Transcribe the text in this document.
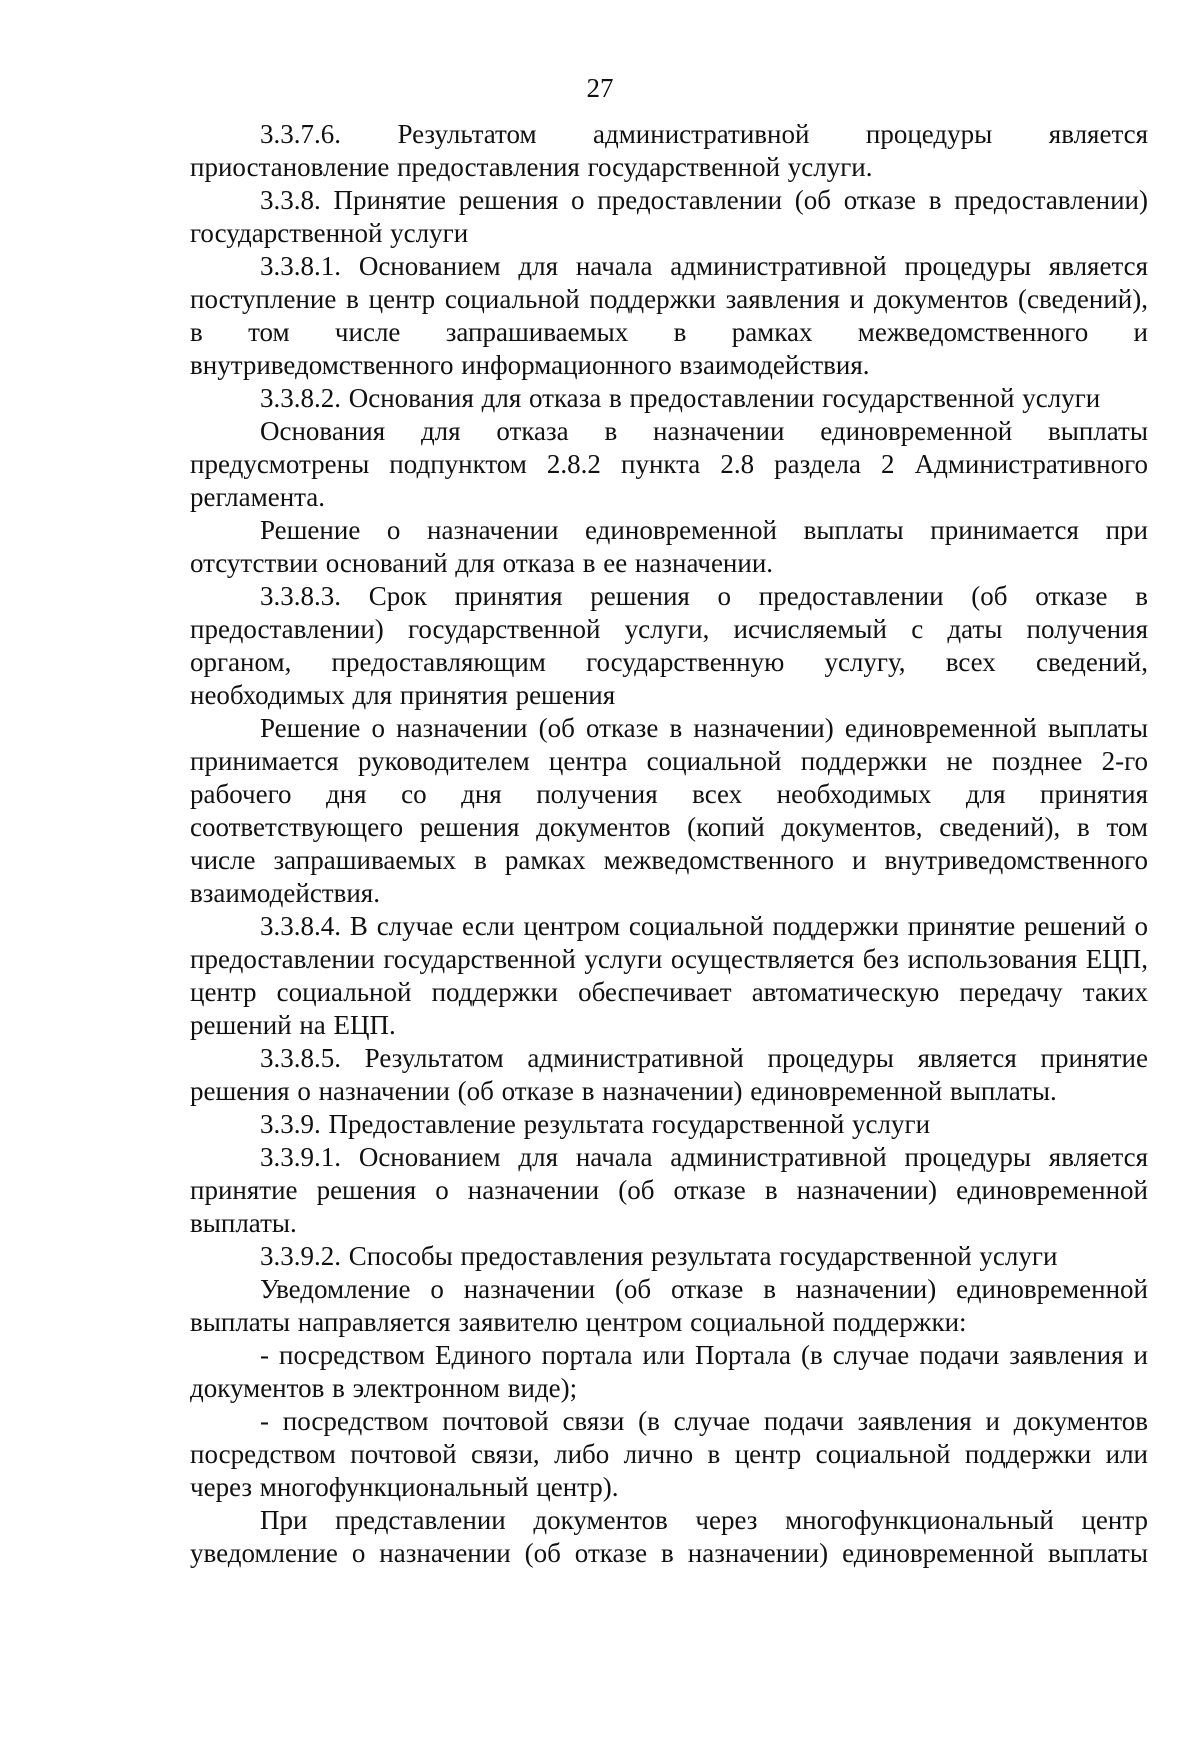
27

3.3.7.6. Результатом административной процедуры является приостановление предоставления государственной услуги.

3.3.8. Принятие решения о предоставлении (об отказе в предоставлении) государственной услуги

3.3.8.1. Основанием для начала административной процедуры является поступление в центр социальной поддержки заявления и документов (сведений), в том числе запрашиваемых в рамках межведомственного и внутриведомственного информационного взаимодействия.

3.3.8.2. Основания для отказа в предоставлении государственной услуги

Основания для отказа в назначении единовременной выплаты предусмотрены подпунктом 2.8.2 пункта 2.8 раздела 2 Административного регламента.

Решение о назначении единовременной выплаты принимается при отсутствии оснований для отказа в ее назначении.

3.3.8.3. Срок принятия решения о предоставлении (об отказе в предоставлении) государственной услуги, исчисляемый с даты получения органом, предоставляющим государственную услугу, всех сведений, необходимых для принятия решения

Решение о назначении (об отказе в назначении) единовременной выплаты принимается руководителем центра социальной поддержки не позднее 2-го рабочего дня со дня получения всех необходимых для принятия соответствующего решения документов (копий документов, сведений), в том числе запрашиваемых в рамках межведомственного и внутриведомственного взаимодействия.

3.3.8.4. В случае если центром социальной поддержки принятие решений о предоставлении государственной услуги осуществляется без использования ЕЦП, центр социальной поддержки обеспечивает автоматическую передачу таких решений на ЕЦП.

3.3.8.5. Результатом административной процедуры является принятие решения о назначении (об отказе в назначении) единовременной выплаты.

3.3.9. Предоставление результата государственной услуги

3.3.9.1. Основанием для начала административной процедуры является принятие решения о назначении (об отказе в назначении) единовременной выплаты.

3.3.9.2. Способы предоставления результата государственной услуги

Уведомление о назначении (об отказе в назначении) единовременной выплаты направляется заявителю центром социальной поддержки:

- посредством Единого портала или Портала (в случае подачи заявления и документов в электронном виде);

- посредством почтовой связи (в случае подачи заявления и документов посредством почтовой связи, либо лично в центр социальной поддержки или через многофункциональный центр).

При представлении документов через многофункциональный центр уведомление о назначении (об отказе в назначении) единовременной выплаты
